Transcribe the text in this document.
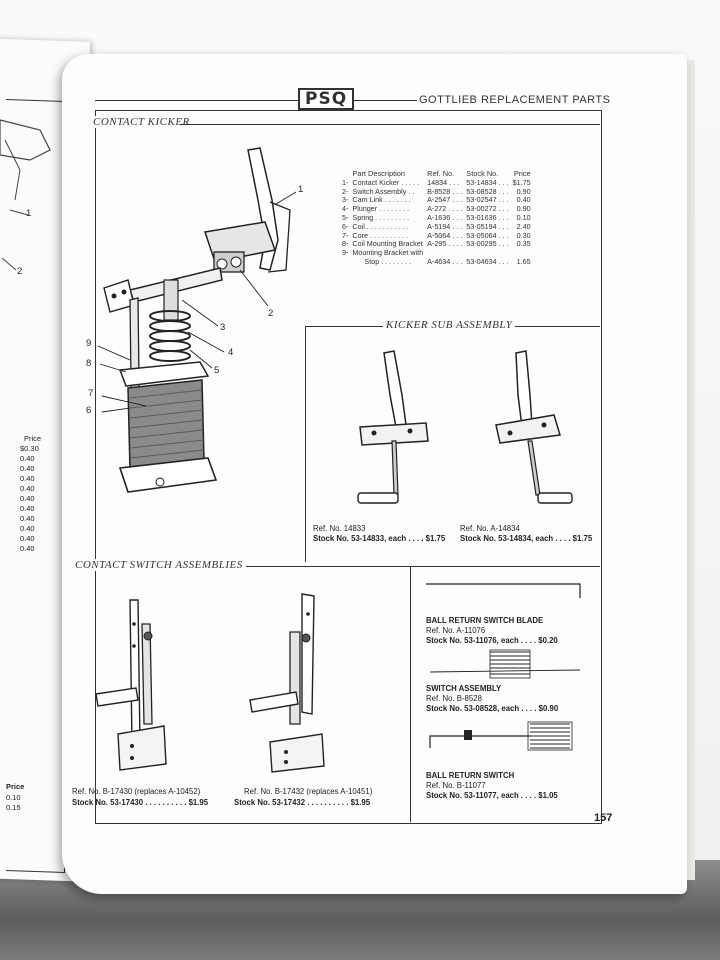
1
2
Price
$0.30
0.40
0.40
0.40
0.40
0.40
0.40
0.40
0.40
0.40
0.40
Price
0.10
0.15
PSQ	GOTTLIEB REPLACEMENT PARTS
CONTACT KICKER
1
2
3
4
5
6
7
8
9
	Part Description	Ref. No.	Stock No.	Price
1-	Contact Kicker . . . . .	14834 . . .	53-14834 . . .	$1.75
2-	Switch Assembly . .	B-8528 . . .	53-08528 . . .	0.90
3-	Cam Link . . . . . . .	A-2547 . . .	53-02547 . . .	0.40
4-	Plunger . . . . . . . .	A-272 . . . .	53-00272 . . .	0.90
5-	Spring . . . . . . . . .	A-1636 . . .	53-01636 . . .	0.10
6-	Coil . . . . . . . . . . .	A-5194 . . .	53-05194 . . .	2.40
7-	Core . . . . . . . . . .	A-5064 . . .	53-05064 . . .	0.30
8-	Coil Mounting Bracket	A-295 . . . .	53-00295 . . .	0.35
9-	Mounting Bracket with			
	Stop . . . . . . . .	A-4634 . . .	53-04634 . . .	1.65
KICKER SUB ASSEMBLY
Ref. No. 14833
Stock No. 53-14833, each . . . . $1.75
Ref. No. A-14834
Stock No. 53-14834, each . . . . $1.75
CONTACT SWITCH ASSEMBLIES
Ref. No. B-17430 (replaces A-10452)
Stock No. 53-17430 . . . . . . . . . . $1.95
Ref. No. B-17432 (replaces A-10451)
Stock No. 53-17432 . . . . . . . . . . $1.95
BALL RETURN SWITCH BLADE
Ref. No. A-11076
Stock No. 53-11076, each . . . . $0.20
SWITCH ASSEMBLY
Ref. No. B-8528
Stock No. 53-08528, each . . . . $0.90
BALL RETURN SWITCH
Ref. No. B-11077
Stock No. 53-11077, each . . . . $1.05
157
